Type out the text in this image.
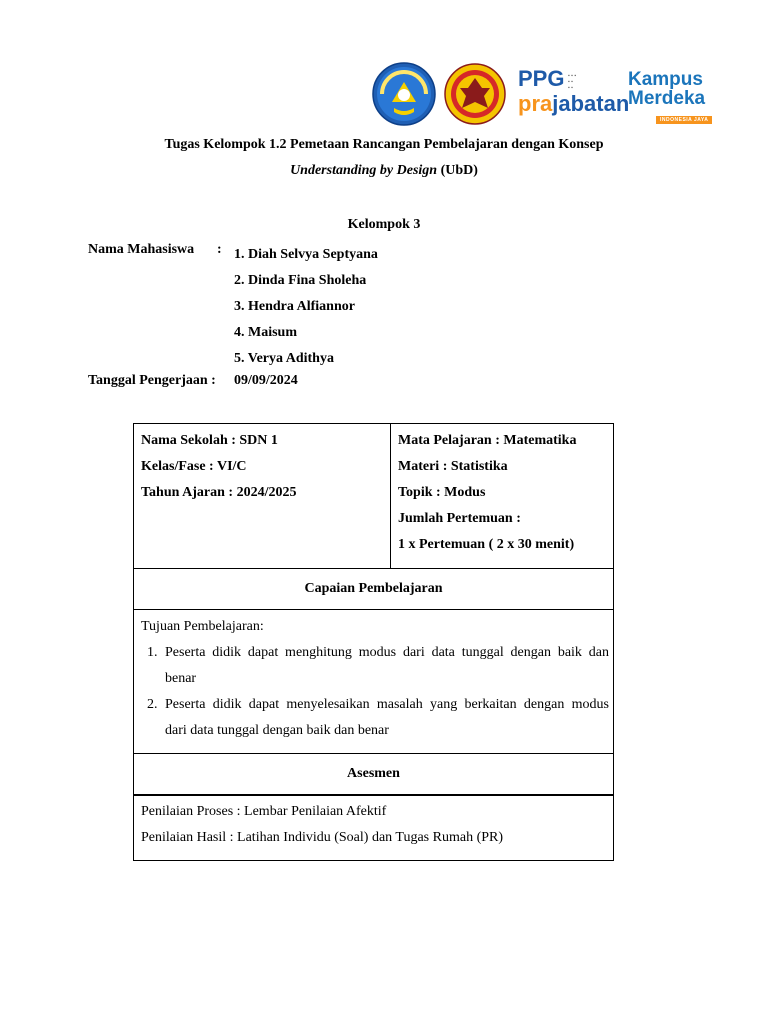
PPG ▪ ▪ ▪
▪ ▪
▪ ▪
prajabatan
Kampus
Merdeka
INDONESIA JAYA
Tugas Kelompok 1.2 Pemetaan Rancangan Pembelajaran dengan Konsep
Understanding by Design (UbD)
Kelompok 3
Nama Mahasiswa : 1. Diah Selvya Septyana
2. Dinda Fina Sholeha
3. Hendra Alfiannor
4. Maisum
5. Verya Adithya
Tanggal Pengerjaan : 09/09/2024
Nama Sekolah : SDN 1
Kelas/Fase : VI/C
Tahun Ajaran : 2024/2025
Mata Pelajaran : Matematika
Materi : Statistika
Topik : Modus
Jumlah Pertemuan :
1 x Pertemuan ( 2 x 30 menit)
Capaian Pembelajaran
Tujuan Pembelajaran:
1. Peserta didik dapat menghitung modus dari data tunggal dengan baik dan
benar
2. Peserta didik dapat menyelesaikan masalah yang berkaitan dengan modus
dari data tunggal dengan baik dan benar
Asesmen
Penilaian Proses : Lembar Penilaian Afektif
Penilaian Hasil : Latihan Individu (Soal) dan Tugas Rumah (PR)
